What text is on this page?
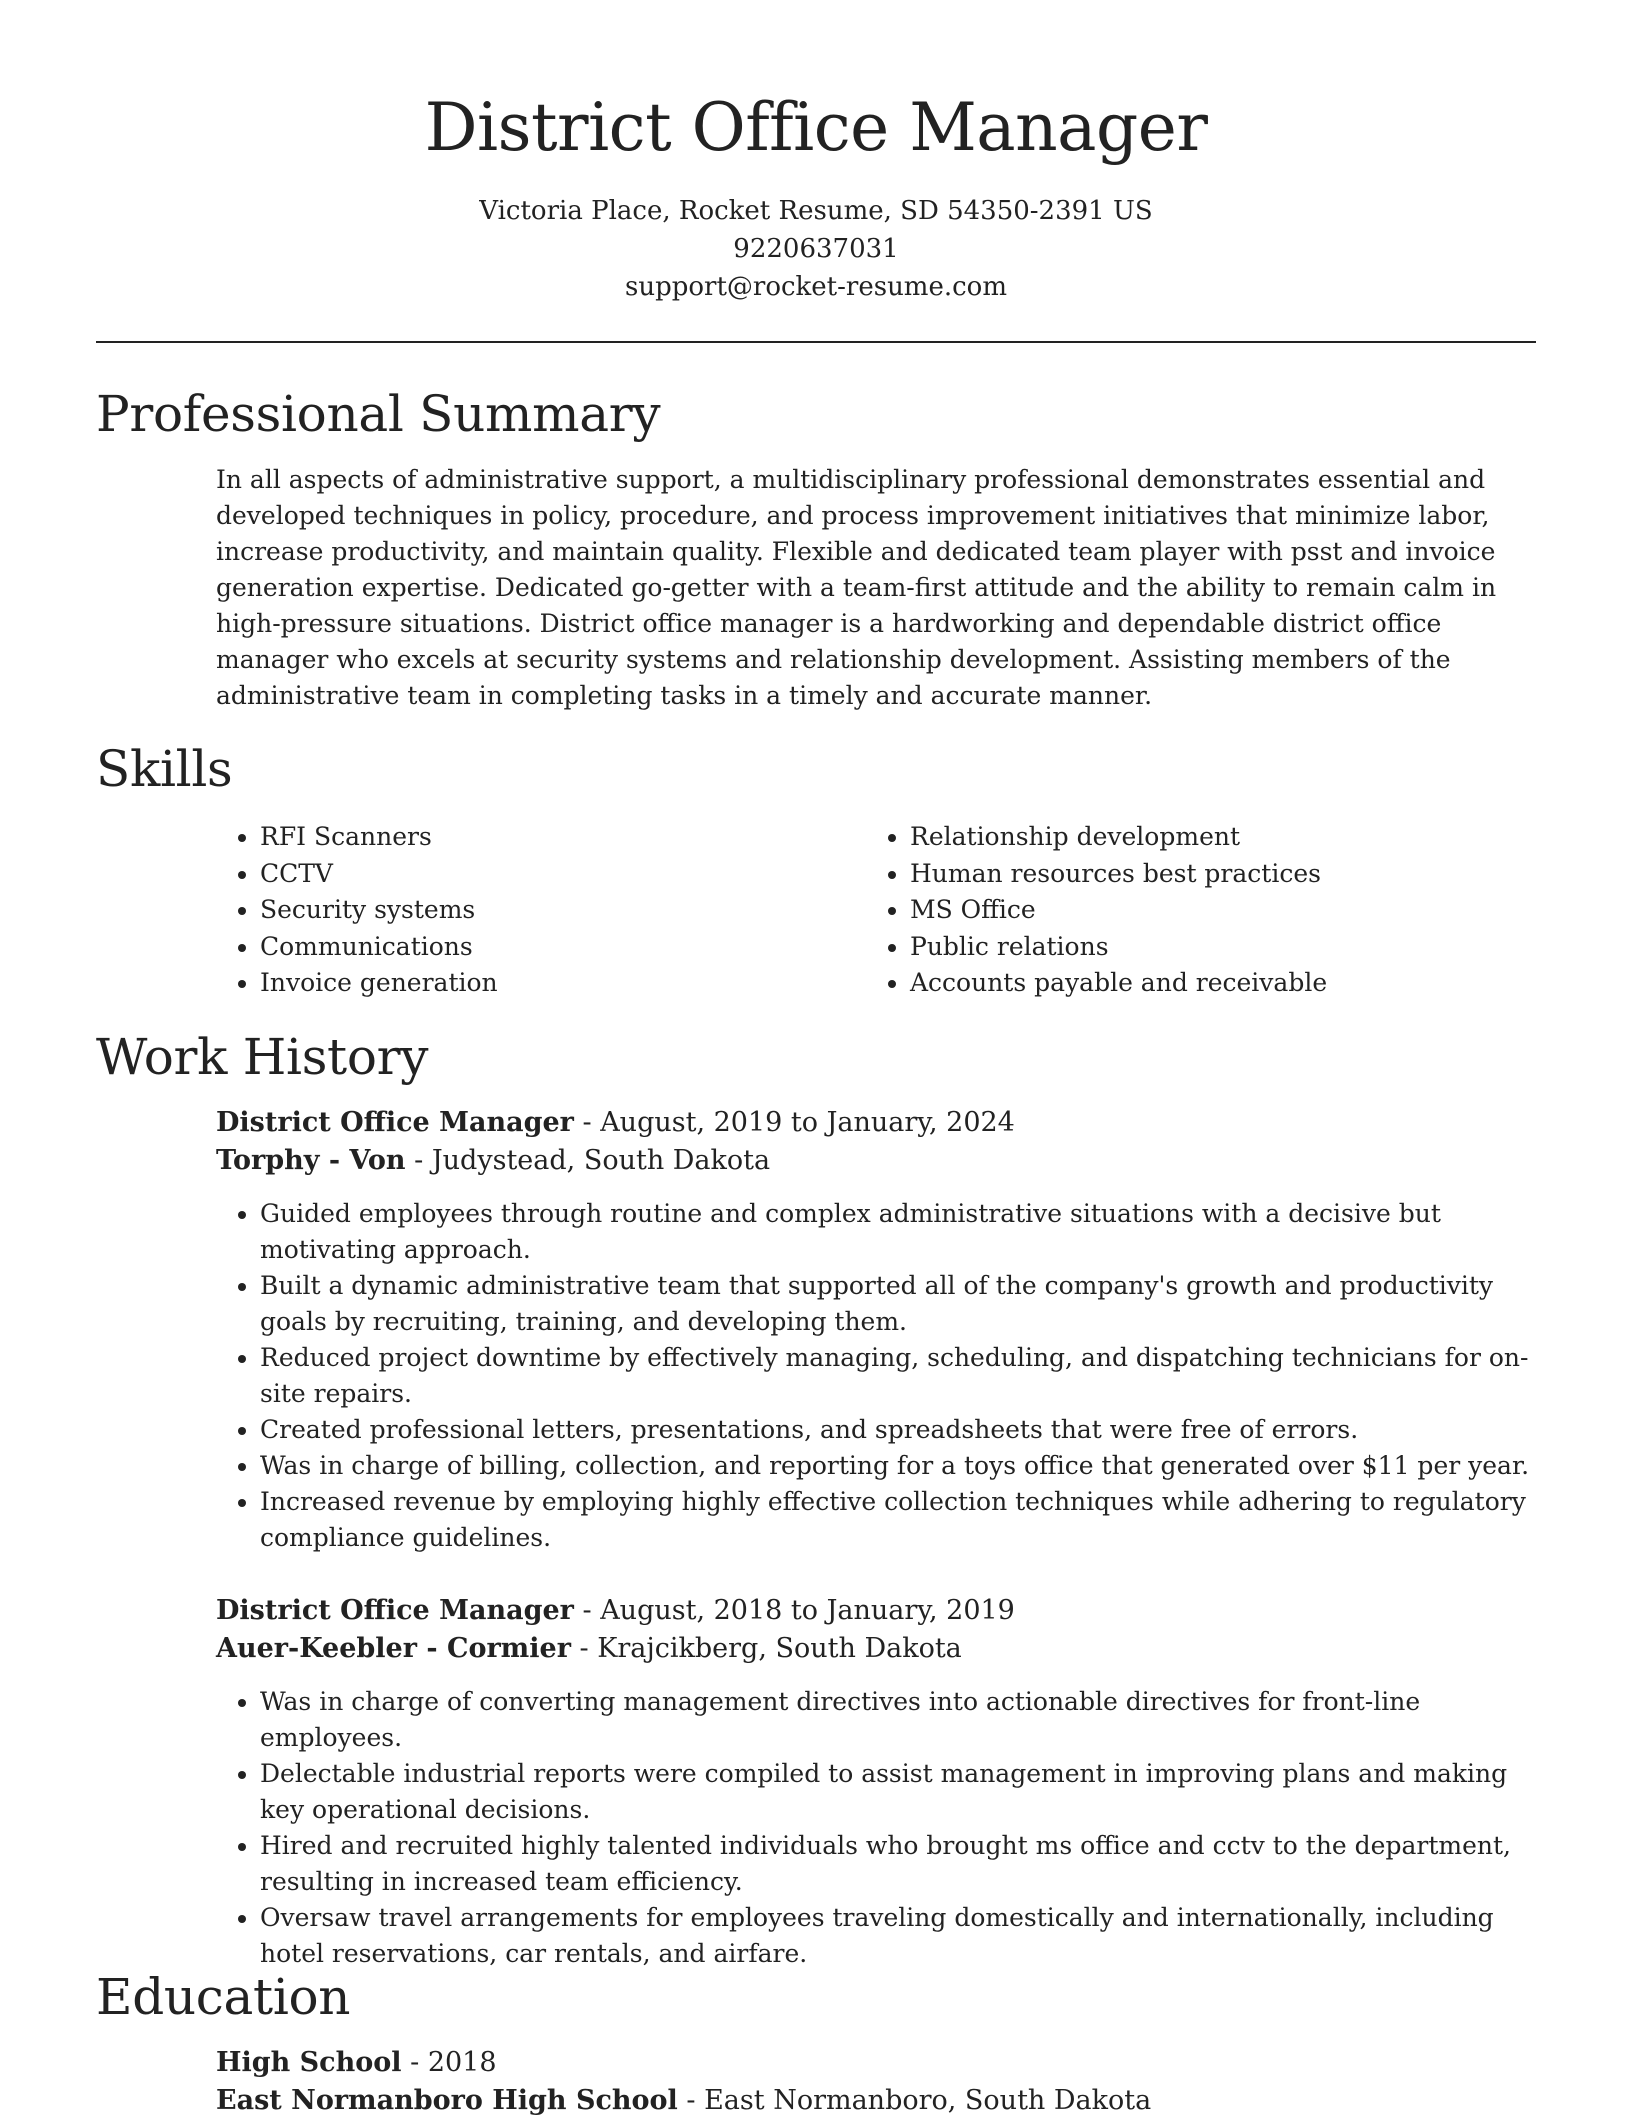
District Office Manager
Victoria Place, Rocket Resume, SD 54350-2391 US
9220637031
support@rocket-resume.com
Professional Summary
In all aspects of administrative support, a multidisciplinary professional demonstrates essential and developed techniques in policy, procedure, and process improvement initiatives that minimize labor, increase productivity, and maintain quality. Flexible and dedicated team player with psst and invoice generation expertise. Dedicated go-getter with a team-first attitude and the ability to remain calm in high-pressure situations. District office manager is a hardworking and dependable district office manager who excels at security systems and relationship development. Assisting members of the administrative team in completing tasks in a timely and accurate manner.
Skills
• RFI Scanners
• CCTV
• Security systems
• Communications
• Invoice generation
• Relationship development
• Human resources best practices
• MS Office
• Public relations
• Accounts payable and receivable
Work History
District Office Manager - August, 2019 to January, 2024
Torphy - Von - Judystead, South Dakota
• Guided employees through routine and complex administrative situations with a decisive but motivating approach.
• Built a dynamic administrative team that supported all of the company's growth and productivity goals by recruiting, training, and developing them.
• Reduced project downtime by effectively managing, scheduling, and dispatching technicians for on-site repairs.
• Created professional letters, presentations, and spreadsheets that were free of errors.
• Was in charge of billing, collection, and reporting for a toys office that generated over $11 per year.
• Increased revenue by employing highly effective collection techniques while adhering to regulatory compliance guidelines.
District Office Manager - August, 2018 to January, 2019
Auer-Keebler - Cormier - Krajcikberg, South Dakota
• Was in charge of converting management directives into actionable directives for front-line employees.
• Delectable industrial reports were compiled to assist management in improving plans and making key operational decisions.
• Hired and recruited highly talented individuals who brought ms office and cctv to the department, resulting in increased team efficiency.
• Oversaw travel arrangements for employees traveling domestically and internationally, including hotel reservations, car rentals, and airfare.
Education
High School - 2018
East Normanboro High School - East Normanboro, South Dakota
